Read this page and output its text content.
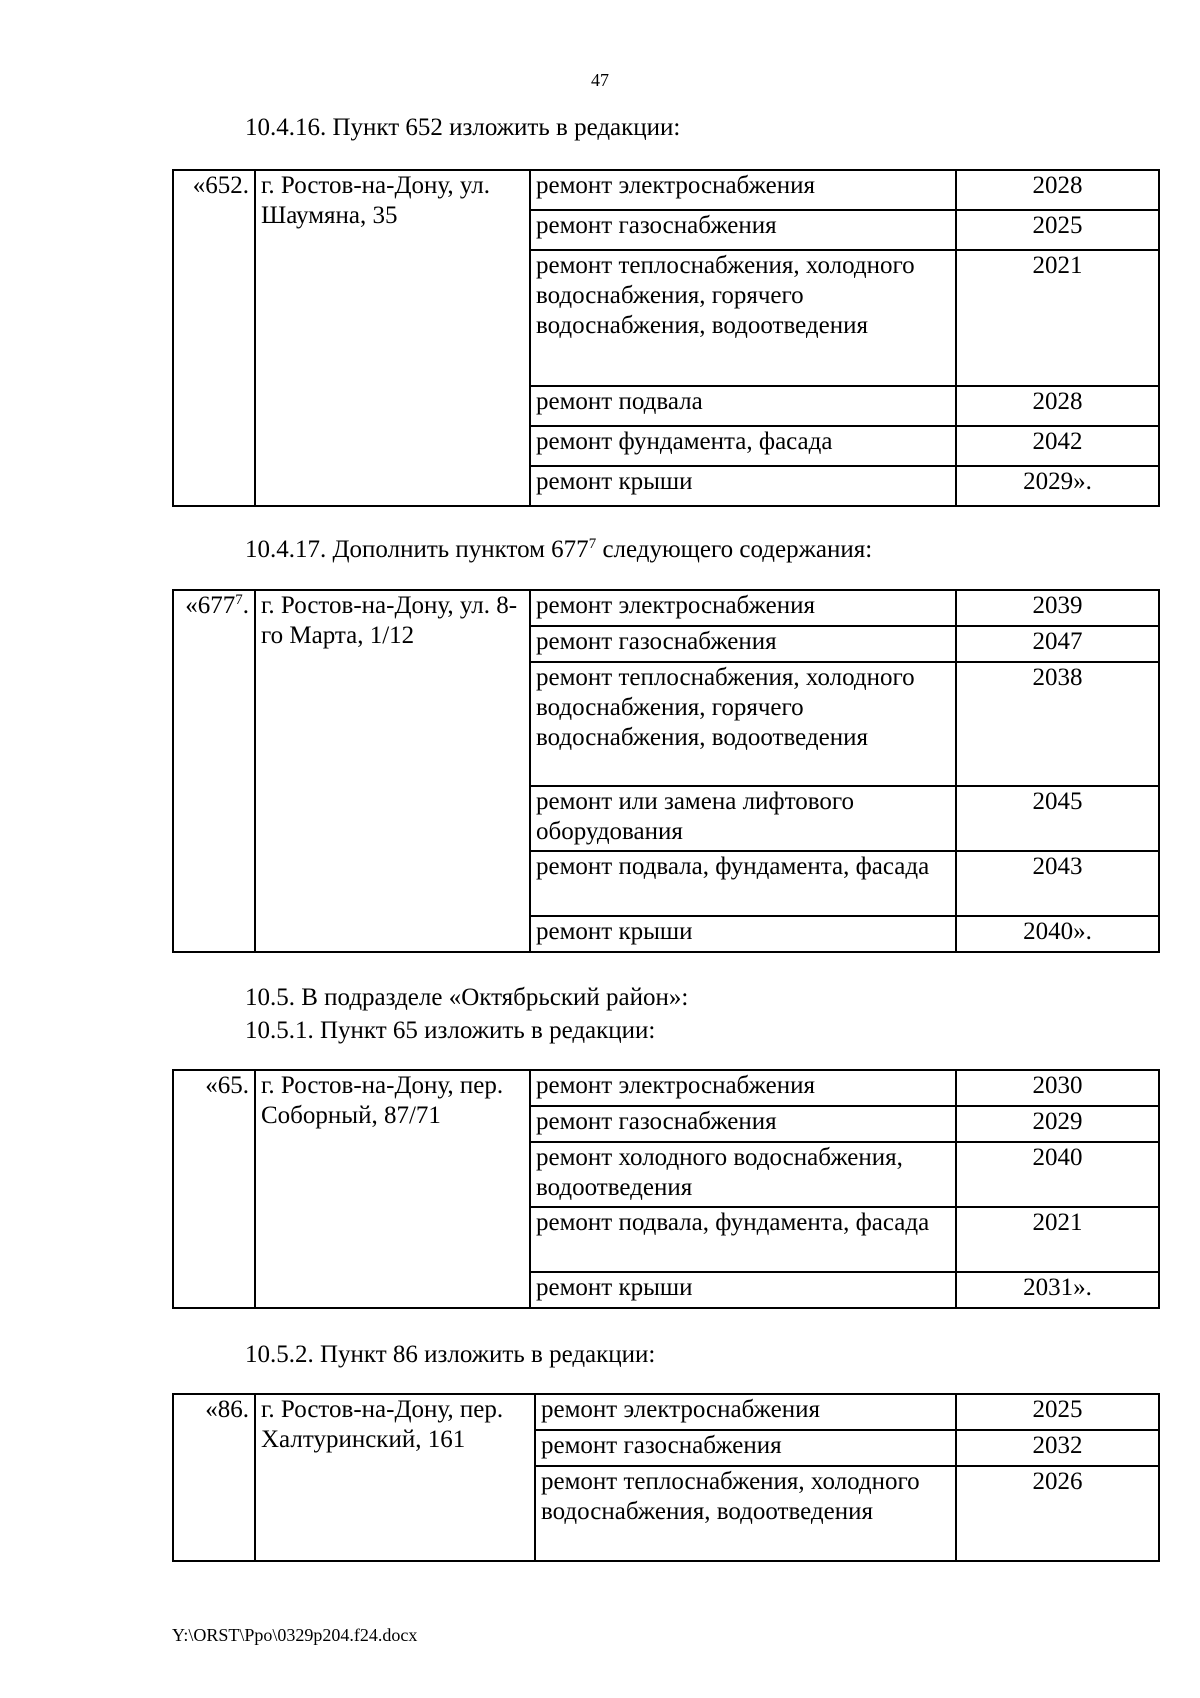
47
10.4.16. Пункт 652 изложить в редакции:
«652.	г. Ростов-на-Дону, ул. Шаумяна, 35	ремонт электроснабжения	2028
		ремонт газоснабжения	2025
		ремонт теплоснабжения, холодного водоснабжения, горячего водоснабжения, водоотведения	2021
		ремонт подвала	2028
		ремонт фундамента, фасада	2042
		ремонт крыши	2029».
10.4.17. Дополнить пунктом $677^7$ следующего содержания:
«$677^7$.	г. Ростов-на-Дону, ул. 8-го Марта, 1/12	ремонт электроснабжения	2039
		ремонт газоснабжения	2047
		ремонт теплоснабжения, холодного водоснабжения, горячего водоснабжения, водоотведения	2038
		ремонт или замена лифтового оборудования	2045
		ремонт подвала, фундамента, фасада	2043
		ремонт крыши	2040».
10.5. В подразделе «Октябрьский район»:
10.5.1. Пункт 65 изложить в редакции:
«65.	г. Ростов-на-Дону, пер. Соборный, 87/71	ремонт электроснабжения	2030
		ремонт газоснабжения	2029
		ремонт холодного водоснабжения, водоотведения	2040
		ремонт подвала, фундамента, фасада	2021
		ремонт крыши	2031».
10.5.2. Пункт 86 изложить в редакции:
«86.	г. Ростов-на-Дону, пер. Халтуринский, 161	ремонт электроснабжения	2025
		ремонт газоснабжения	2032
		ремонт теплоснабжения, холодного водоснабжения, водоотведения	2026
Y:\ORST\Ppo\0329p204.f24.docx
